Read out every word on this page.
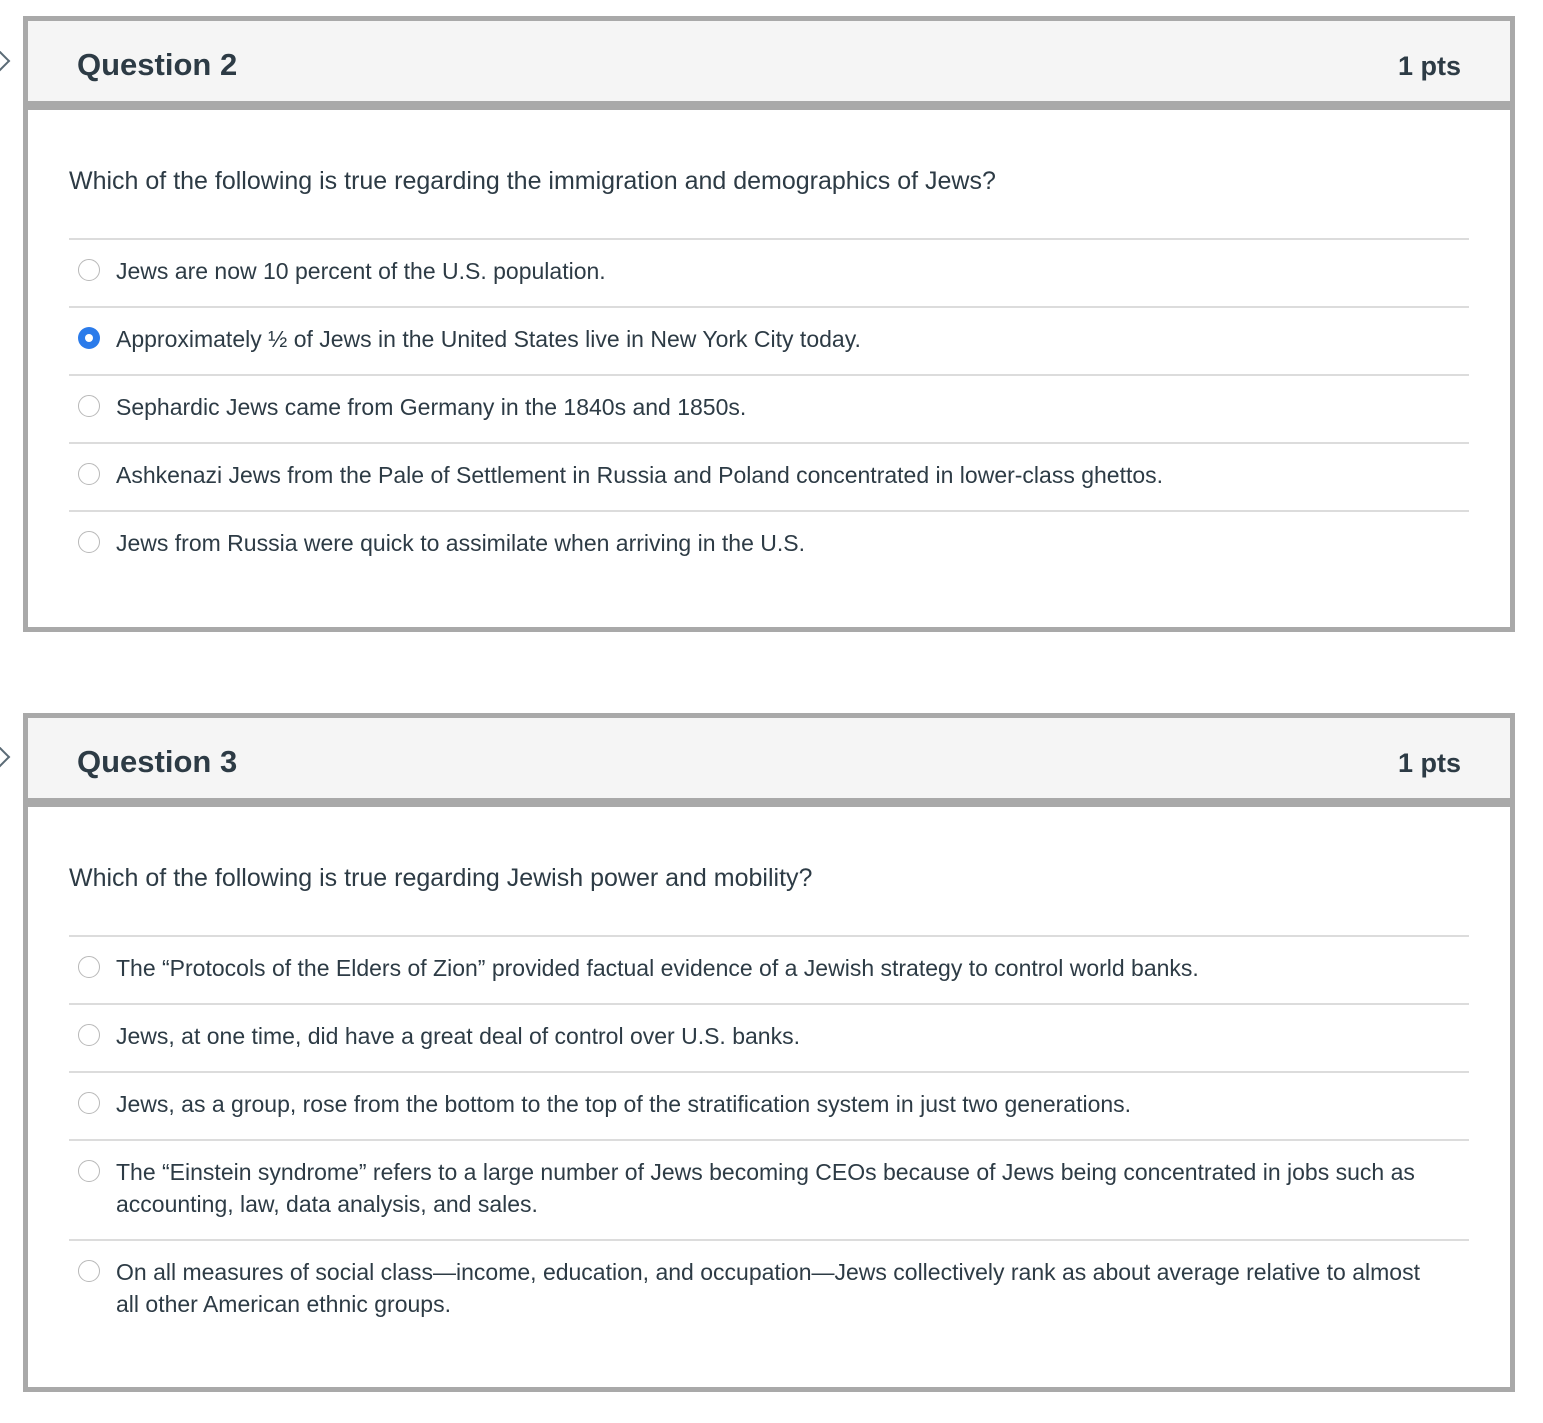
Question 2	1 pts
Which of the following is true regarding the immigration and demographics of Jews?
Jews are now 10 percent of the U.S. population.
Approximately ½ of Jews in the United States live in New York City today.
Sephardic Jews came from Germany in the 1840s and 1850s.
Ashkenazi Jews from the Pale of Settlement in Russia and Poland concentrated in lower-class ghettos.
Jews from Russia were quick to assimilate when arriving in the U.S.
Question 3	1 pts
Which of the following is true regarding Jewish power and mobility?
The “Protocols of the Elders of Zion” provided factual evidence of a Jewish strategy to control world banks.
Jews, at one time, did have a great deal of control over U.S. banks.
Jews, as a group, rose from the bottom to the top of the stratification system in just two generations.
The “Einstein syndrome” refers to a large number of Jews becoming CEOs because of Jews being concentrated in jobs such as accounting, law, data analysis, and sales.
On all measures of social class—income, education, and occupation—Jews collectively rank as about average relative to almost all other American ethnic groups.
